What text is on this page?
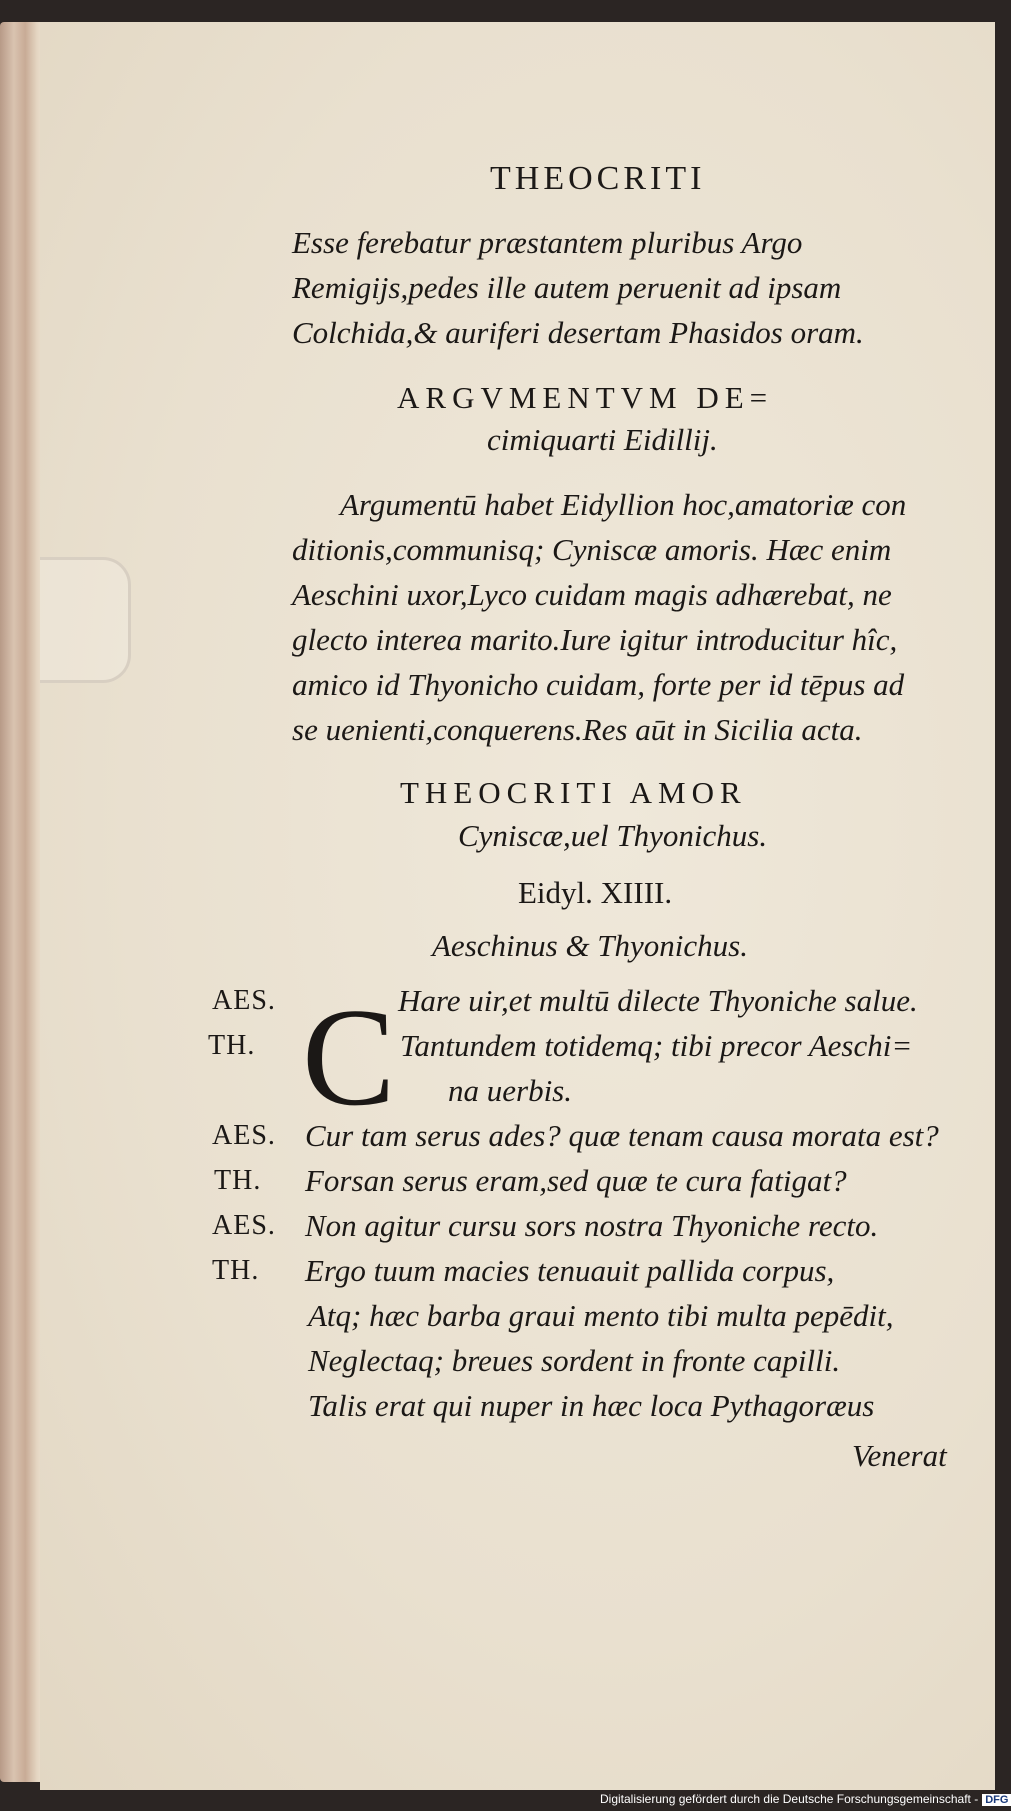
THEOCRITI
Esse ferebatur præstantem pluribus Argo
Remigijs,pedes ille autem peruenit ad ipsam
Colchida,& auriferi desertam Phasidos oram.
ARGVMENTVM DE=
cimiquarti Eidillij.
Argumentū habet Eidyllion hoc,amatoriæ con
ditionis,communisq; Cyniscæ amoris. Hæc enim
Aeschini uxor,Lyco cuidam magis adhærebat, ne
glecto interea marito.Iure igitur introducitur hîc,
amico id Thyonicho cuidam, forte per id tēpus ad
se uenienti,conquerens.Res aūt in Sicilia acta.
THEOCRITI AMOR
Cyniscæ,uel Thyonichus.
Eidyl. XIIII.
Aeschinus & Thyonichus.
C
AES.	Hare uir,et multū dilecte Thyoniche salue.
TH.	Tantundem totidemq; tibi precor Aeschi=
na uerbis.
AES. Cur tam serus ades? quæ tenam causa morata est?
TH. Forsan serus eram,sed quæ te cura fatigat?
AES. Non agitur cursu sors nostra Thyoniche recto.
TH. Ergo tuum macies tenuauit pallida corpus,
Atq; hæc barba graui mento tibi multa pepēdit,
Neglectaq; breues sordent in fronte capilli.
Talis erat qui nuper in hæc loca Pythagoræus
Venerat
Digitalisierung gefördert durch die Deutsche Forschungsgemeinschaft - DFG
